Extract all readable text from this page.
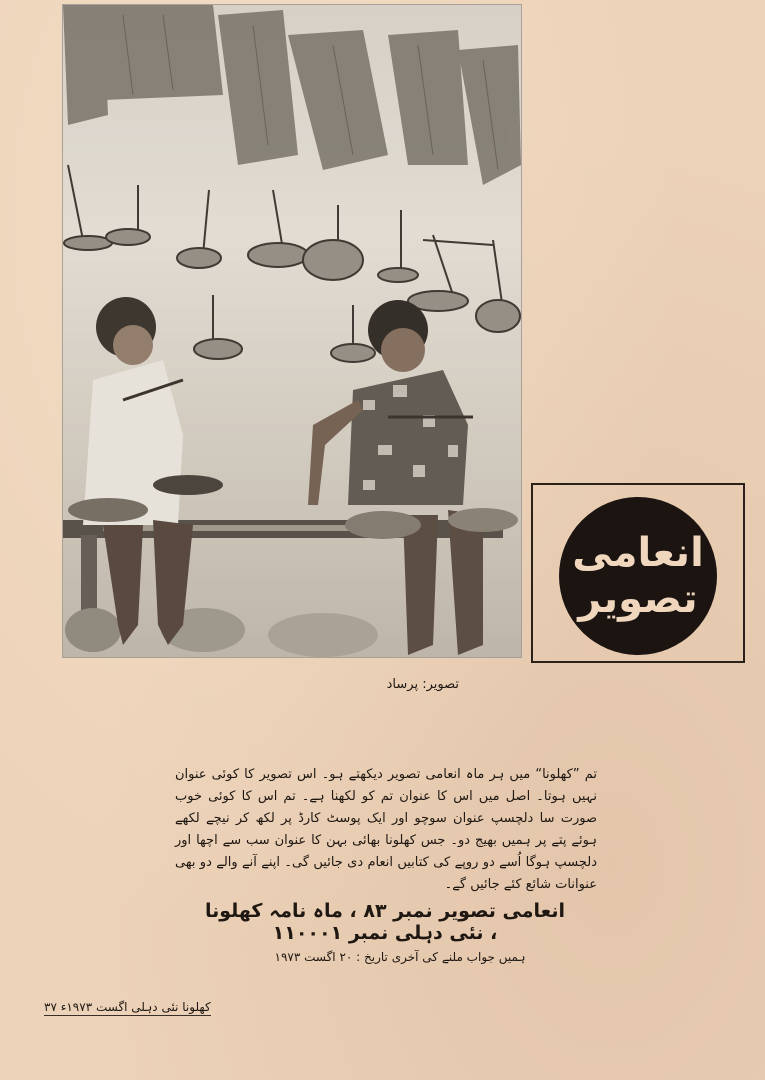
انعامی
تصویر
تصویر: پرساد
تم ”کھلونا“ میں ہر ماہ انعامی تصویر دیکھتے ہو۔ اس تصویر کا کوئی عنوان نہیں ہوتا۔ اصل میں اس کا عنوان تم کو لکھنا ہے۔ تم اس کا کوئی خوب صورت سا دلچسپ عنوان سوچو اور ایک پوسٹ کارڈ پر لکھ کر نیچے لکھے ہوئے پتے پر ہمیں بھیج دو۔ جس کھلونا بھائی بہن کا عنوان سب سے اچھا اور دلچسپ ہوگا اُسے دو روپے کی کتابیں انعام دی جائیں گی۔ اپنے آنے والے دو بھی عنوانات شائع کئے جائیں گے۔
انعامی تصویر نمبر ۸۳ ، ماہ نامہ کھلونا ، نئی دہلی نمبر ۱۱۰۰۰۱
ہمیں جواب ملنے کی آخری تاریخ : ۲۰ اگست ۱۹۷۳
کھلونا نئی دہلی اگست ۱۹۷۳ء ۳۷
